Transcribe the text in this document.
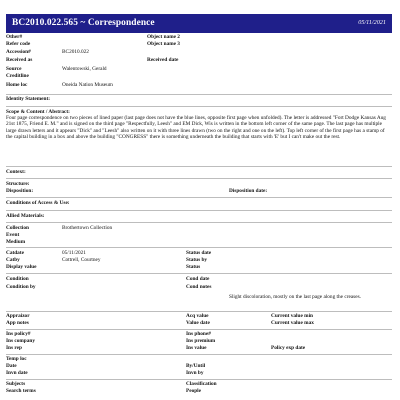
BC2010.022.565 ~ Correspondence	05/11/2021
Other#
Refer code
Accession#	BC2010.022
Received as
Source	Walentowski, Gerald
Creditline
Home loc	Oneida Nation Museum
Object name 2
Object name 3
Received date
Identity Statement:
Scope & Content / Abstract:
Four page correspondence on two pieces of lined paper (last page does not have the blue lines, opposite first page when unfolded). The letter is addressed "Fort Dodge Kansas Aug 21st 1875, Friend E. M." and is signed on the third page "Respectfully, Leesh" and EM Dick, Wis is written in the bottom left corner of the same page. The last page has multiple large drawn letters and it appears "Dick" and "Leesh" also written on it with three lines drawn (two on the right and one on the left). Top left corner of the first page has a stamp of the capital building in a box and above the building "CONGRESS" there is something underneath the building that starts with 'E' but I can't make out the rest.
Context:
Structure:
Disposition:	Disposition date:
Conditions of Access & Use:
Allied Materials:
Collection	Brothertown Collection
Event
Medium
Catdate	05/11/2021
Catby	Cottrell, Courtney
Display value
Status date
Status by
Status
Condition
Condition by
Cond date
Cond notes
Slight discoloration, mostly on the last page along the creases.
Appraizor
App notes
Acq value
Value date
Current value min
Current value max
Ins policy#
Ins company
Ins rep
Ins phone#
Ins premium
Ins value	Policy exp date
Temp loc
Date
Invn date
By/Until
Invn by
Subjects	Classification
Search terms	People
